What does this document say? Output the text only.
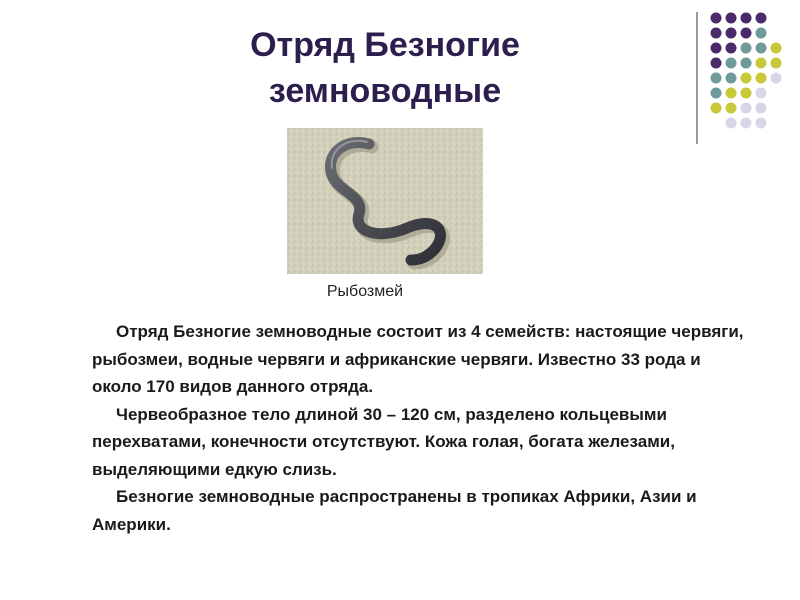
Отряд Безногие
земноводные
Рыбозмей

Отряд Безногие земноводные состоит из 4 семейств: настоящие червяги, рыбозмеи, водные червяги и африканские червяги. Известно 33 рода и около 170 видов данного отряда.

Червеобразное тело длиной 30 – 120 см, разделено кольцевыми перехватами, конечности отсутствуют. Кожа голая, богата железами, выделяющими едкую слизь.

Безногие земноводные распространены в тропиках Африки, Азии и Америки.
